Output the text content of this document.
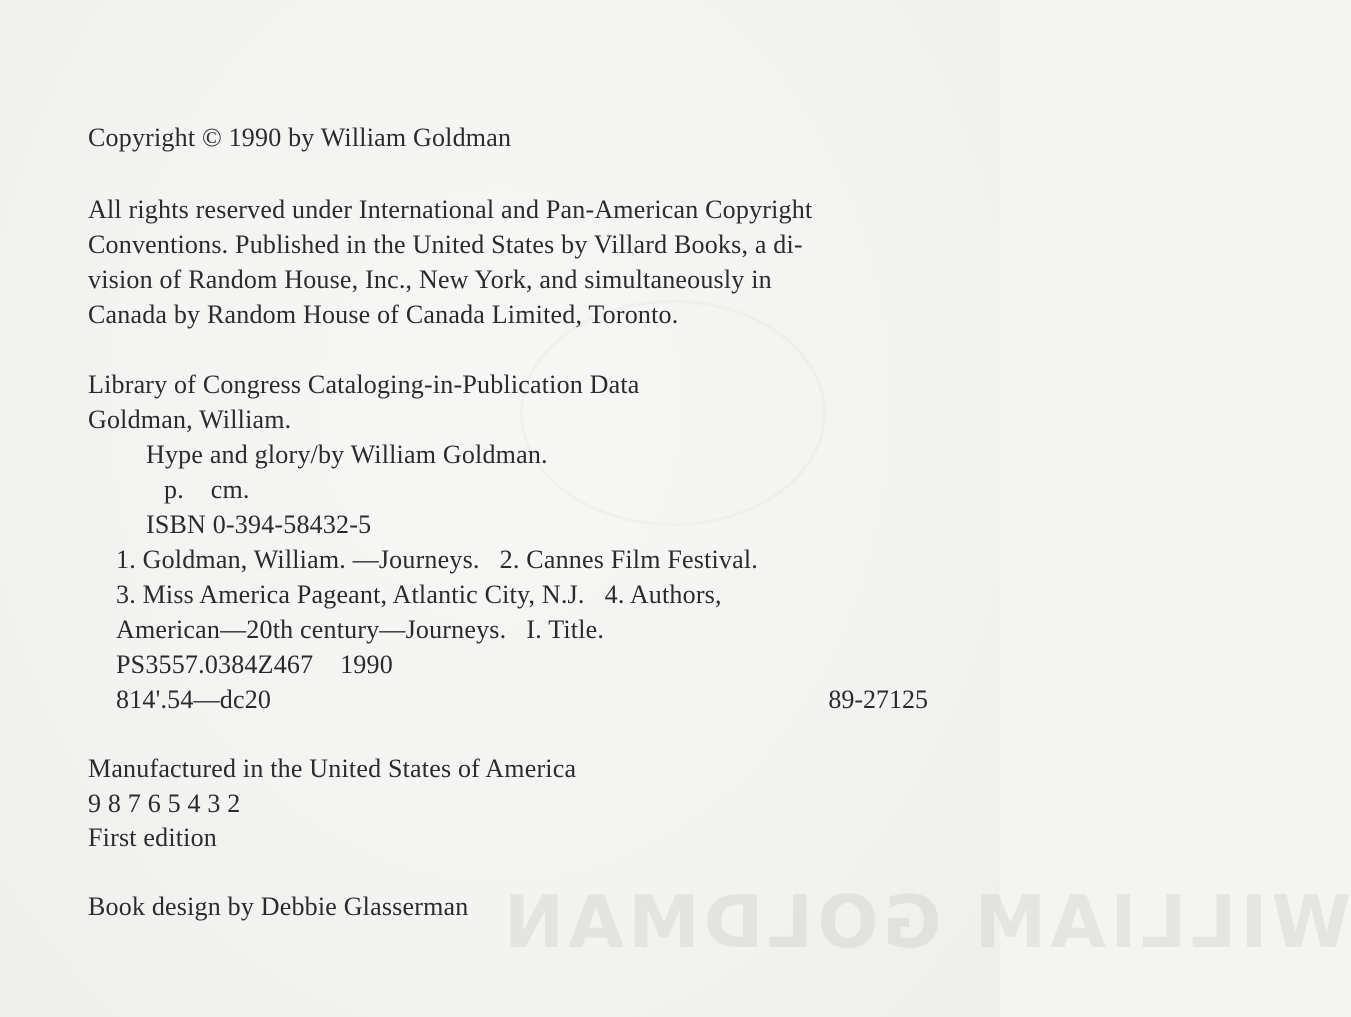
WILLIAM GOLDMAN
Copyright © 1990 by William Goldman
All rights reserved under International and Pan-American Copyright
Conventions. Published in the United States by Villard Books, a di-
vision of Random House, Inc., New York, and simultaneously in
Canada by Random House of Canada Limited, Toronto.
Library of Congress Cataloging-in-Publication Data
Goldman, William.
Hype and glory/by William Goldman.
p.    cm.
ISBN 0-394-58432-5
1. Goldman, William. —Journeys.   2. Cannes Film Festival.
3. Miss America Pageant, Atlantic City, N.J.   4. Authors,
American—20th century—Journeys.   I. Title.
PS3557.0384Z467    1990
814'.54—dc20	89-27125
Manufactured in the United States of America
9 8 7 6 5 4 3 2
First edition
Book design by Debbie Glasserman
